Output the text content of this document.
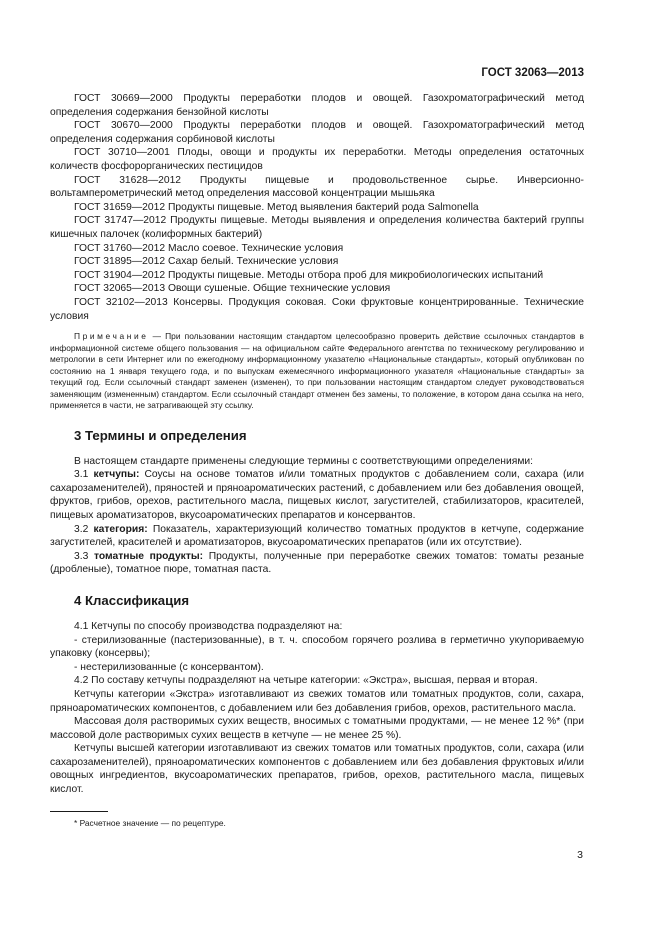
ГОСТ 32063—2013

ГОСТ 30669—2000 Продукты переработки плодов и овощей. Газохроматографический метод определения содержания бензойной кислоты

ГОСТ 30670—2000 Продукты переработки плодов и овощей. Газохроматографический метод определения содержания сорбиновой кислоты

ГОСТ 30710—2001 Плоды, овощи и продукты их переработки. Методы определения остаточных количеств фосфорорганических пестицидов

ГОСТ 31628—2012 Продукты пищевые и продовольственное сырье. Инверсионно-вольтамперометрический метод определения массовой концентрации мышьяка

ГОСТ 31659—2012 Продукты пищевые. Метод выявления бактерий рода Salmonella

ГОСТ 31747—2012 Продукты пищевые. Методы выявления и определения количества бактерий группы кишечных палочек (колиформных бактерий)

ГОСТ 31760—2012 Масло соевое. Технические условия

ГОСТ 31895—2012 Сахар белый. Технические условия

ГОСТ 31904—2012 Продукты пищевые. Методы отбора проб для микробиологических испытаний

ГОСТ 32065—2013 Овощи сушеные. Общие технические условия

ГОСТ 32102—2013 Консервы. Продукция соковая. Соки фруктовые концентрированные. Технические условия

Примечание — При пользовании настоящим стандартом целесообразно проверить действие ссылочных стандартов в информационной системе общего пользования — на официальном сайте Федерального агентства по техническому регулированию и метрологии в сети Интернет или по ежегодному информационному указателю «Национальные стандарты», который опубликован по состоянию на 1 января текущего года, и по выпускам ежемесячного информационного указателя «Национальные стандарты» за текущий год. Если ссылочный стандарт заменен (изменен), то при пользовании настоящим стандартом следует руководствоваться заменяющим (измененным) стандартом. Если ссылочный стандарт отменен без замены, то положение, в котором дана ссылка на него, применяется в части, не затрагивающей эту ссылку.

3 Термины и определения

В настоящем стандарте применены следующие термины с соответствующими определениями:

3.1 кетчупы: Соусы на основе томатов и/или томатных продуктов с добавлением соли, сахара (или сахарозаменителей), пряностей и пряноароматических растений, с добавлением или без добавления овощей, фруктов, грибов, орехов, растительного масла, пищевых кислот, загустителей, стабилизаторов, красителей, пищевых ароматизаторов, вкусоароматических препаратов и консервантов.

3.2 категория: Показатель, характеризующий количество томатных продуктов в кетчупе, содержание загустителей, красителей и ароматизаторов, вкусоароматических препаратов (или их отсутствие).

3.3 томатные продукты: Продукты, полученные при переработке свежих томатов: томаты резаные (дробленые), томатное пюре, томатная паста.

4 Классификация

4.1 Кетчупы по способу производства подразделяют на:

- стерилизованные (пастеризованные), в т. ч. способом горячего розлива в герметично укупориваемую упаковку (консервы);

- нестерилизованные (с консервантом).

4.2 По составу кетчупы подразделяют на четыре категории: «Экстра», высшая, первая и вторая.

Кетчупы категории «Экстра» изготавливают из свежих томатов или томатных продуктов, соли, сахара, пряноароматических компонентов, с добавлением или без добавления грибов, орехов, растительного масла.

Массовая доля растворимых сухих веществ, вносимых с томатными продуктами, — не менее 12 %* (при массовой доле растворимых сухих веществ в кетчупе — не менее 25 %).

Кетчупы высшей категории изготавливают из свежих томатов или томатных продуктов, соли, сахара (или сахарозаменителей), пряноароматических компонентов с добавлением или без добавления фруктовых и/или овощных ингредиентов, вкусоароматических препаратов, грибов, орехов, растительного масла, пищевых кислот.

* Расчетное значение — по рецептуре.

3
